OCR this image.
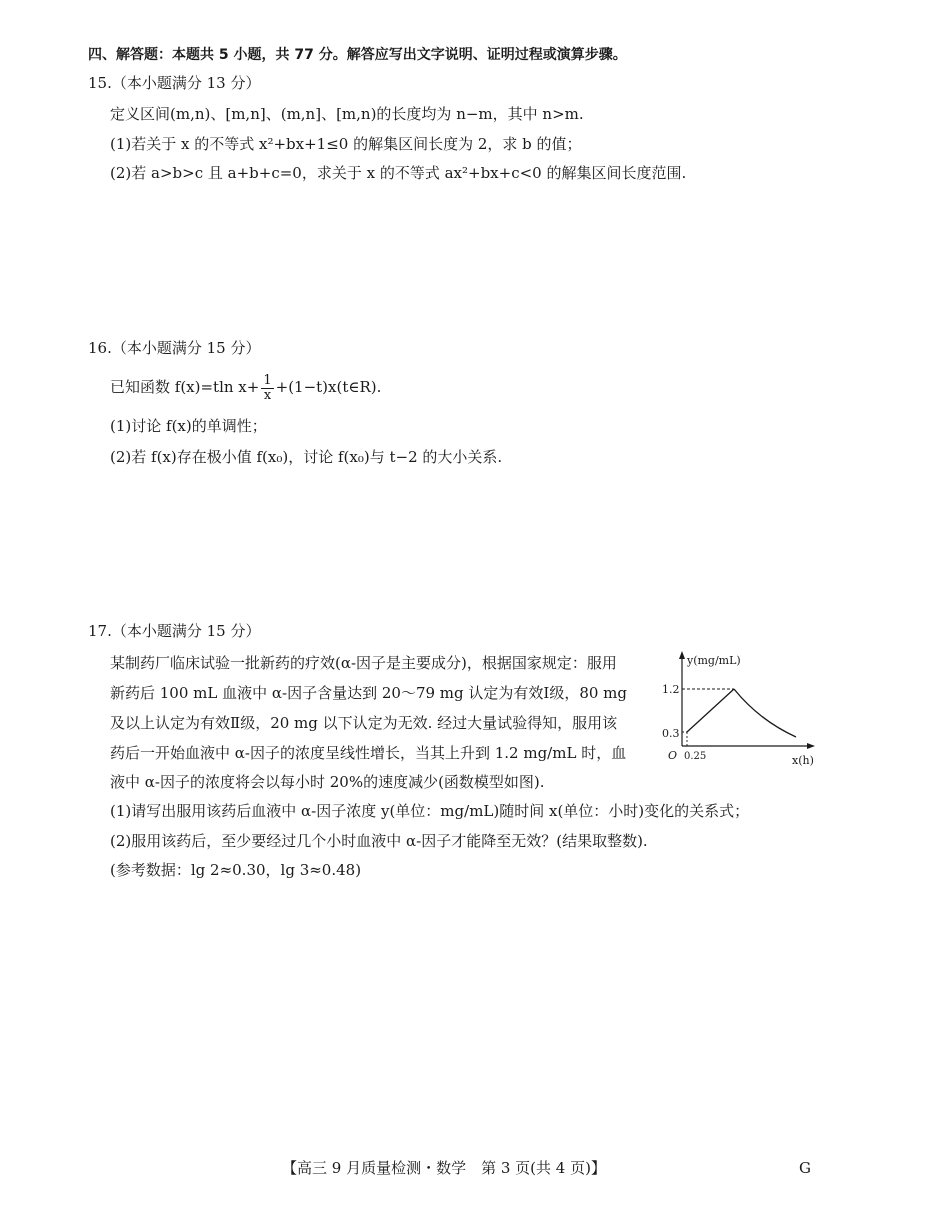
四、解答题：本题共 5 小题，共 77 分。解答应写出文字说明、证明过程或演算步骤。
15.（本小题满分 13 分）
定义区间(m,n)、[m,n]、(m,n]、[m,n)的长度均为 n−m，其中 n>m.
(1)若关于 x 的不等式 x²+bx+1≤0 的解集区间长度为 2，求 b 的值；
(2)若 a>b>c 且 a+b+c=0，求关于 x 的不等式 ax²+bx+c<0 的解集区间长度范围.
16.（本小题满分 15 分）
已知函数 f(x)=tln $x+ \frac{1}{x}$ +(1−t)x(t∈R).
(1)讨论 f(x)的单调性；
(2)若 f(x)存在极小值 f(x₀)，讨论 f(x₀)与 t−2 的大小关系.
17.（本小题满分 15 分）
某制药厂临床试验一批新药的疗效(α-因子是主要成分)，根据国家规定：服用
新药后 100 mL 血液中 α-因子含量达到 20～79 mg 认定为有效Ⅰ级，80 mg
及以上认定为有效Ⅱ级，20 mg 以下认定为无效. 经过大量试验得知，服用该
药后一开始血液中 α-因子的浓度呈线性增长，当其上升到 1.2 mg/mL 时，血
液中 α-因子的浓度将会以每小时 20%的速度减少(函数模型如图).
(1)请写出服用该药后血液中 α-因子浓度 y(单位：mg/mL)随时间 x(单位：小时)变化的关系式；
(2)服用该药后，至少要经过几个小时血液中 α-因子才能降至无效？(结果取整数).
(参考数据：lg 2≈0.30，lg 3≈0.48)
y(mg/mL)
x(h)
O
1.2
0.3
0.25
【高三 9 月质量检测・数学　第 3 页(共 4 页)】	G
